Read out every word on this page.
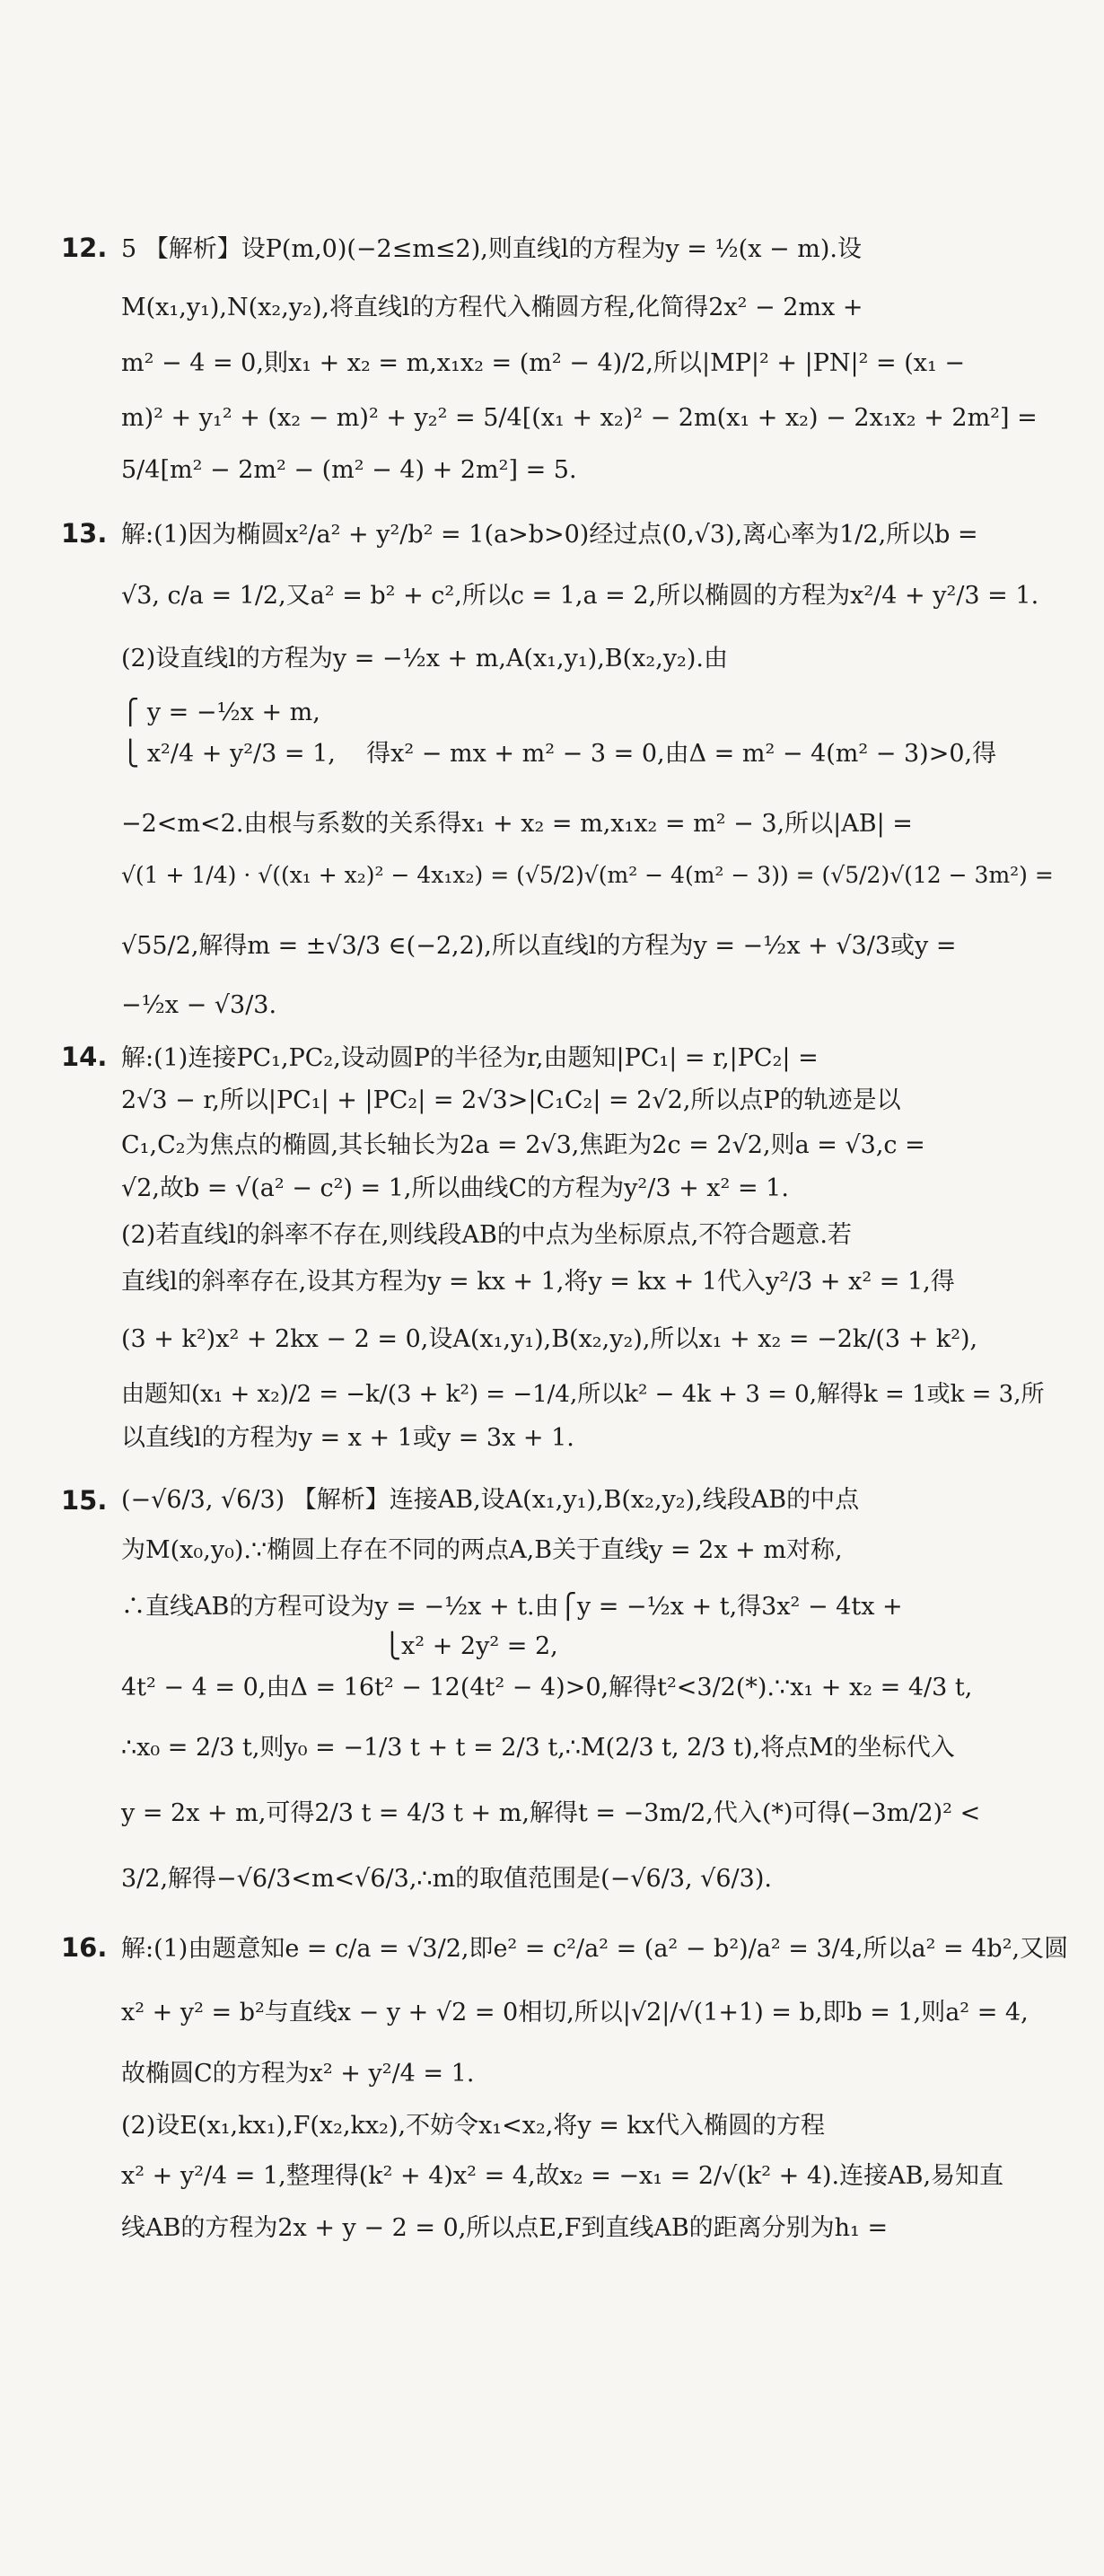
12. 5 【解析】设P(m,0)(−2≤m≤2),则直线l的方程为y = ½(x − m).设
M(x₁,y₁),N(x₂,y₂),将直线l的方程代入椭圆方程,化简得2x² − 2mx +
m² − 4 = 0,則x₁ + x₂ = m,x₁x₂ = (m² − 4)/2,所以|MP|² + |PN|² = (x₁ −
m)² + y₁² + (x₂ − m)² + y₂² = 5/4[(x₁ + x₂)² − 2m(x₁ + x₂) − 2x₁x₂ + 2m²] =
5/4[m² − 2m² − (m² − 4) + 2m²] = 5.
13. 解:(1)因为椭圆x²/a² + y²/b² = 1(a>b>0)经过点(0,√3),离心率为1/2,所以b =
√3, c/a = 1/2,又a² = b² + c²,所以c = 1,a = 2,所以椭圆的方程为x²/4 + y²/3 = 1.
(2)设直线l的方程为y = −½x + m,A(x₁,y₁),B(x₂,y₂).由
⎧ y = −½x + m,
⎩ x²/4 + y²/3 = 1,    得x² − mx + m² − 3 = 0,由Δ = m² − 4(m² − 3)>0,得
−2<m<2.由根与系数的关系得x₁ + x₂ = m,x₁x₂ = m² − 3,所以|AB| =
√(1 + 1/4) · √((x₁ + x₂)² − 4x₁x₂) = (√5/2)√(m² − 4(m² − 3)) = (√5/2)√(12 − 3m²) =
√55/2,解得m = ±√3/3 ∈(−2,2),所以直线l的方程为y = −½x + √3/3或y =
−½x − √3/3.
14. 解:(1)连接PC₁,PC₂,设动圆P的半径为r,由题知|PC₁| = r,|PC₂| =
2√3 − r,所以|PC₁| + |PC₂| = 2√3>|C₁C₂| = 2√2,所以点P的轨迹是以
C₁,C₂为焦点的椭圆,其长轴长为2a = 2√3,焦距为2c = 2√2,则a = √3,c =
√2,故b = √(a² − c²) = 1,所以曲线C的方程为y²/3 + x² = 1.
(2)若直线l的斜率不存在,则线段AB的中点为坐标原点,不符合题意.若
直线l的斜率存在,设其方程为y = kx + 1,将y = kx + 1代入y²/3 + x² = 1,得
(3 + k²)x² + 2kx − 2 = 0,设A(x₁,y₁),B(x₂,y₂),所以x₁ + x₂ = −2k/(3 + k²),
由题知(x₁ + x₂)/2 = −k/(3 + k²) = −1/4,所以k² − 4k + 3 = 0,解得k = 1或k = 3,所
以直线l的方程为y = x + 1或y = 3x + 1.
15. (−√6/3, √6/3) 【解析】连接AB,设A(x₁,y₁),B(x₂,y₂),线段AB的中点
为M(x₀,y₀).∵椭圆上存在不同的两点A,B关于直线y = 2x + m对称,
∴直线AB的方程可设为y = −½x + t.由⎧y = −½x + t,得3x² − 4tx +
⎩x² + 2y² = 2,
4t² − 4 = 0,由Δ = 16t² − 12(4t² − 4)>0,解得t²<3/2(*).∵x₁ + x₂ = 4/3 t,
∴x₀ = 2/3 t,则y₀ = −1/3 t + t = 2/3 t,∴M(2/3 t, 2/3 t),将点M的坐标代入
y = 2x + m,可得2/3 t = 4/3 t + m,解得t = −3m/2,代入(*)可得(−3m/2)² <
3/2,解得−√6/3<m<√6/3,∴m的取值范围是(−√6/3, √6/3).
16. 解:(1)由题意知e = c/a = √3/2,即e² = c²/a² = (a² − b²)/a² = 3/4,所以a² = 4b²,又圆
x² + y² = b²与直线x − y + √2 = 0相切,所以|√2|/√(1+1) = b,即b = 1,则a² = 4,
故椭圆C的方程为x² + y²/4 = 1.
(2)设E(x₁,kx₁),F(x₂,kx₂),不妨令x₁<x₂,将y = kx代入椭圆的方程
x² + y²/4 = 1,整理得(k² + 4)x² = 4,故x₂ = −x₁ = 2/√(k² + 4).连接AB,易知直
线AB的方程为2x + y − 2 = 0,所以点E,F到直线AB的距离分别为h₁ =
